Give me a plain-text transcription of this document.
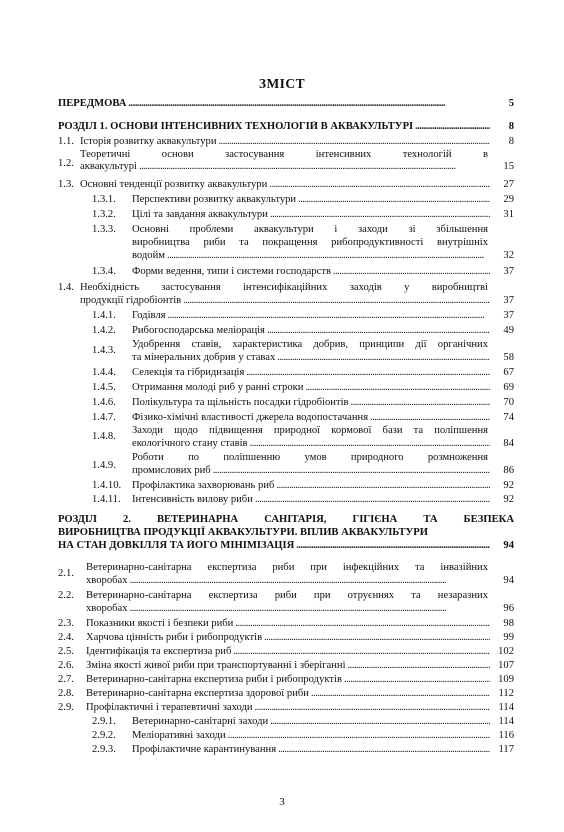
ЗМІСТ
ПЕРЕДМОВА . . .	5
РОЗДІЛ 1. ОСНОВИ ІНТЕНСИВНИХ ТЕХНОЛОГІЙ В АКВАКУЛЬТУРІ . . .	8
1.1. Історія розвитку аквакультури . . .	8
1.2.
Теоретичні основи застосування інтенсивних технологій в
аквакультурі . . .	15
1.3. Основні тенденції розвитку аквакультури . . .	27
1.3.1.	Перспективи розвитку аквакультури . . .	29
1.3.2.	Цілі та завдання аквакультури . . .	31
1.3.3. Основні проблеми аквакультури і заходи зі збільшення
виробництва риби та покращення рибопродуктивності внутрішніх
водойм . . .	32
1.3.4.	Форми ведення, типи і системи господарств . . .	37
1.4. Необхідність застосування інтенсифікаційних заходів у виробництві
продукції гідробіонтів . . .	37
1.4.1.	Годівля . . .	37
1.4.2.	Рибогосподарська меліорація . . .	49
1.4.3.
Удобрення ставів, характеристика добрив, принципи дії органічних
та мінеральних добрив у ставах . . .	58
1.4.4.	Селекція та гібридизація . . .	67
1.4.5.	Отримання молоді риб у ранні строки . . .	69
1.4.6.	Полікультура та щільність посадки гідробіонтів . . .	70
1.4.7.	Фізико-хімічні властивості джерела водопостачання . . .	74
1.4.8.
Заходи щодо підвищення природної кормової бази та поліпшення
екологічного стану ставів . . .	84
1.4.9.
Роботи по поліпшенню умов природного розмноження
промислових риб . . .	86
1.4.10.	Профілактика захворювань риб . . .	92
1.4.11.	Інтенсивність вилову риби . . .	92
РОЗДІЛ 2. ВЕТЕРИНАРНА САНІТАРІЯ, ГІГІЄНА ТА БЕЗПЕКА
ВИРОБНИЦТВА ПРОДУКЦІЇ АКВАКУЛЬТУРИ. ВПЛИВ АКВАКУЛЬТУРИ
НА СТАН ДОВКІЛЛЯ ТА ЙОГО МІНІМІЗАЦІЯ . . .	94
2.1.
Ветеринарно-санітарна експертиза риби при інфекційних та інвазійних
хворобах . . .	94
2.2. Ветеринарно-санітарна експертиза риби при отруєннях та незаразних
хворобах . . .	96
2.3.	Показники якості і безпеки риби . . .	98
2.4.	Харчова цінність риби і рибопродуктів . . .	99
2.5.	Ідентифікація та експертиза риб . . .	102
2.6.	Зміна якості живої риби при транспортуванні і зберіганні . . .	107
2.7.	Ветеринарно-санітарна експертиза риби і рибопродуктів . . .	109
2.8.	Ветеринарно-санітарна експертиза здорової риби . . .	112
2.9.	Профілактичні і терапевтичні заходи . . .	114
2.9.1.	Ветеринарно-санітарні заходи . . .	114
2.9.2.	Меліоративні заходи . . .	116
2.9.3.	Профілактичне карантинування . . .	117
3
